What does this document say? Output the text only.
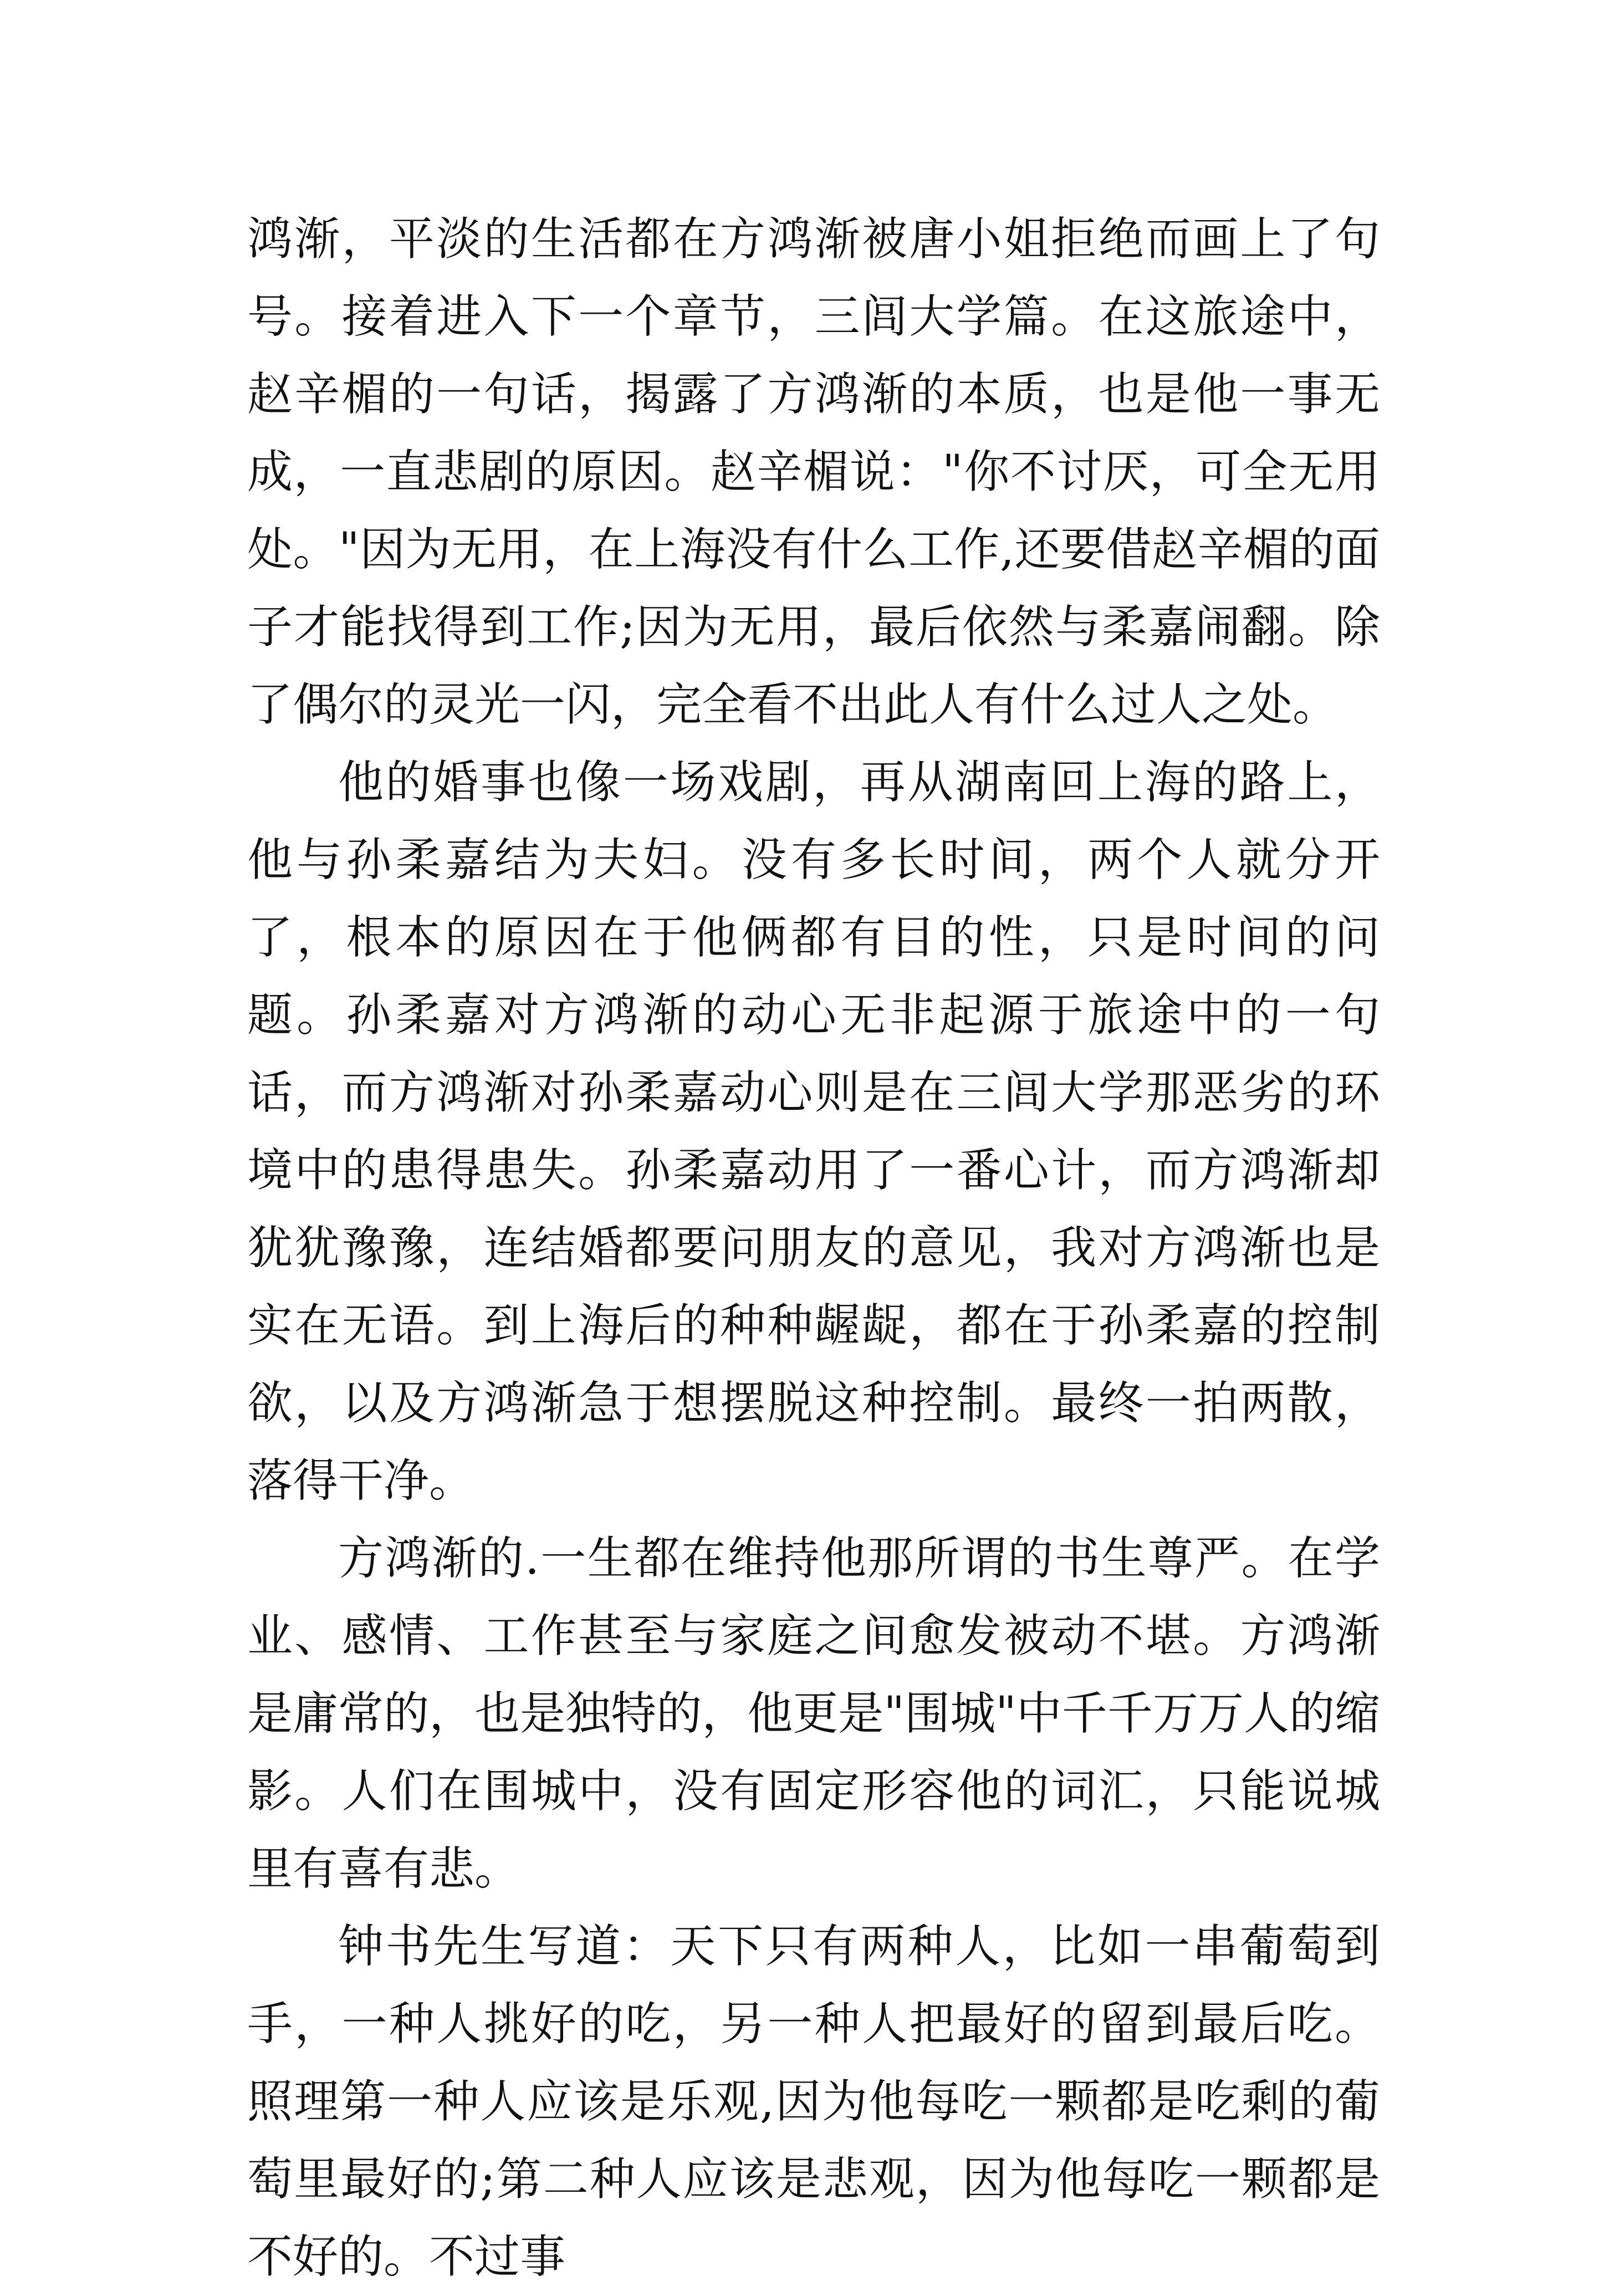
鸿渐，平淡的生活都在方鸿渐被唐小姐拒绝而画上了句号。接着进入下一个章节，三闾大学篇。在这旅途中，赵辛楣的一句话，揭露了方鸿渐的本质，也是他一事无成，一直悲剧的原因。赵辛楣说："你不讨厌，可全无用处。"因为无用，在上海没有什么工作,还要借赵辛楣的面子才能找得到工作;因为无用，最后依然与柔嘉闹翻。除了偶尔的灵光一闪，完全看不出此人有什么过人之处。

他的婚事也像一场戏剧，再从湖南回上海的路上，他与孙柔嘉结为夫妇。没有多长时间，两个人就分开了，根本的原因在于他俩都有目的性，只是时间的问题。孙柔嘉对方鸿渐的动心无非起源于旅途中的一句话，而方鸿渐对孙柔嘉动心则是在三闾大学那恶劣的环境中的患得患失。孙柔嘉动用了一番心计，而方鸿渐却犹犹豫豫，连结婚都要问朋友的意见，我对方鸿渐也是实在无语。到上海后的种种龌龊，都在于孙柔嘉的控制欲，以及方鸿渐急于想摆脱这种控制。最终一拍两散，落得干净。

方鸿渐的.一生都在维持他那所谓的书生尊严。在学业、感情、工作甚至与家庭之间愈发被动不堪。方鸿渐是庸常的，也是独特的，他更是"围城"中千千万万人的缩影。人们在围城中，没有固定形容他的词汇，只能说城里有喜有悲。

钟书先生写道：天下只有两种人，比如一串葡萄到手，一种人挑好的吃，另一种人把最好的留到最后吃。照理第一种人应该是乐观,因为他每吃一颗都是吃剩的葡萄里最好的;第二种人应该是悲观，因为他每吃一颗都是不好的。不过事
